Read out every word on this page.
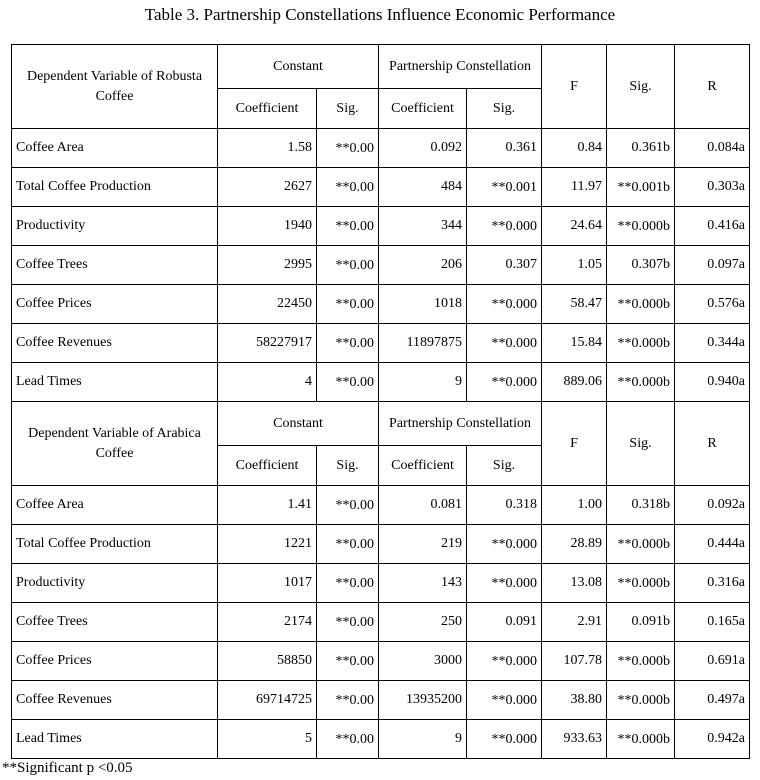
Table 3. Partnership Constellations Influence Economic Performance
Dependent Variable of Robusta Coffee	Constant		Partnership Constellation		F	Sig.	R
	Coefficient	Sig.	Coefficient	Sig.			
Coffee Area	1.58	**0.00	0.092	0.361	0.84	0.361b	0.084a
Total Coffee Production	2627	**0.00	484	**0.001	11.97	**0.001b	0.303a
Productivity	1940	**0.00	344	**0.000	24.64	**0.000b	0.416a
Coffee Trees	2995	**0.00	206	0.307	1.05	0.307b	0.097a
Coffee Prices	22450	**0.00	1018	**0.000	58.47	**0.000b	0.576a
Coffee Revenues	58227917	**0.00	11897875	**0.000	15.84	**0.000b	0.344a
Lead Times	4	**0.00	9	**0.000	889.06	**0.000b	0.940a
Dependent Variable of Arabica Coffee	Constant		Partnership Constellation		F	Sig.	R
	Coefficient	Sig.	Coefficient	Sig.			
Coffee Area	1.41	**0.00	0.081	0.318	1.00	0.318b	0.092a
Total Coffee Production	1221	**0.00	219	**0.000	28.89	**0.000b	0.444a
Productivity	1017	**0.00	143	**0.000	13.08	**0.000b	0.316a
Coffee Trees	2174	**0.00	250	0.091	2.91	0.091b	0.165a
Coffee Prices	58850	**0.00	3000	**0.000	107.78	**0.000b	0.691a
Coffee Revenues	69714725	**0.00	13935200	**0.000	38.80	**0.000b	0.497a
Lead Times	5	**0.00	9	**0.000	933.63	**0.000b	0.942a
**Significant p <0.05
